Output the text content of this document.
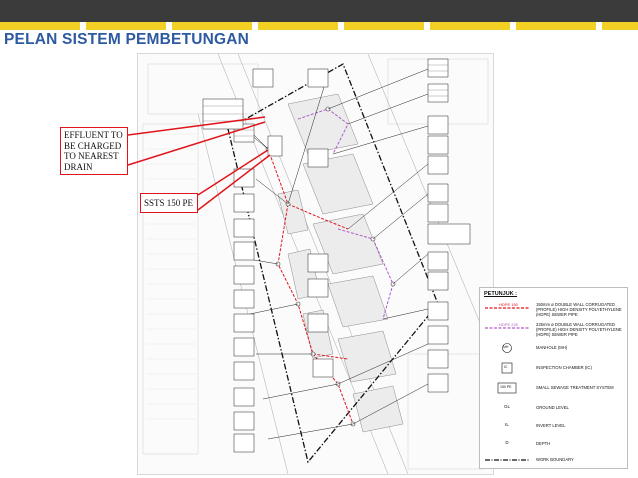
PELAN SISTEM PEMBETUNGAN
EFFLUENT TO BE CHARGED TO NEAREST DRAIN
SSTS 150 PE
PETUNJUK :
HDPE 150	150mm ø DOUBLE WALL CORRUGATED (PROFILE) HIGH DENSITY POLYETHYLENE (HDPE) SEWER PIPE
HDPE 225	225mm ø DOUBLE WALL CORRUGATED (PROFILE) HIGH DENSITY POLYETHYLENE (HDPE) SEWER PIPE
MH	MANHOLE (MH)
IC	INSPECTION CHAMBER (IC)
150 PE	SMALL SEWAGE TREATMENT SYSTEM
GL	GROUND LEVEL
IL	INVERT LEVEL
D	DEPTH
WORK BOUNDARY
